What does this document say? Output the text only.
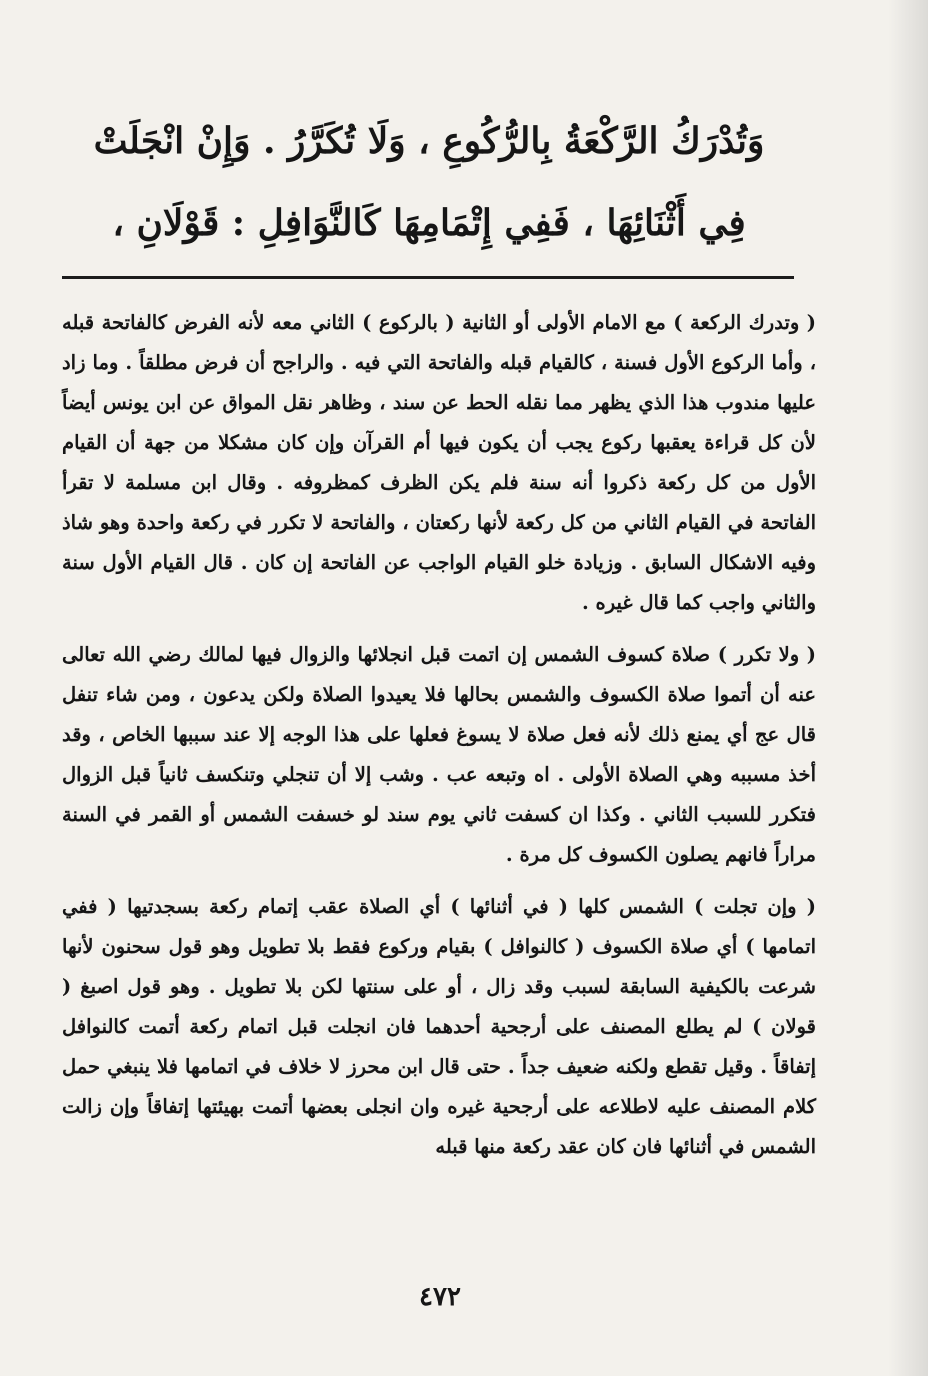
وَتُدْرَكُ الرَّكْعَةُ بِالرُّكُوعِ ، وَلَا تُكَرَّرُ . وَإِنْ انْجَلَتْ
فِي أَثْنَائِهَا ، فَفِي إِتْمَامِهَا كَالنَّوَافِلِ : قَوْلَانِ ،

( وتدرك الركعة ) مع الامام الأولى أو الثانية ( بالركوع ) الثاني معه لأنه الفرض كالفاتحة قبله ، وأما الركوع الأول فسنة ، كالقيام قبله والفاتحة التي فيه . والراجح أن فرض مطلقاً . وما زاد عليها مندوب هذا الذي يظهر مما نقله الحط عن سند ، وظاهر نقل المواق عن ابن يونس أيضاً لأن كل قراءة يعقبها ركوع يجب أن يكون فيها أم القرآن وإن كان مشكلا من جهة أن القيام الأول من كل ركعة ذكروا أنه سنة فلم يكن الظرف كمظروفه . وقال ابن مسلمة لا تقرأ الفاتحة في القيام الثاني من كل ركعة لأنها ركعتان ، والفاتحة لا تكرر في ركعة واحدة وهو شاذ وفيه الاشكال السابق . وزيادة خلو القيام الواجب عن الفاتحة إن كان . قال القيام الأول سنة والثاني واجب كما قال غيره .

( ولا تكرر ) صلاة كسوف الشمس إن اتمت قبل انجلائها والزوال فيها لمالك رضي الله تعالى عنه أن أتموا صلاة الكسوف والشمس بحالها فلا يعيدوا الصلاة ولكن يدعون ، ومن شاء تنفل قال عج أي يمنع ذلك لأنه فعل صلاة لا يسوغ فعلها على هذا الوجه إلا عند سببها الخاص ، وقد أخذ مسببه وهي الصلاة الأولى . اه وتبعه عب . وشب إلا أن تنجلي وتنكسف ثانياً قبل الزوال فتكرر للسبب الثاني . وكذا ان كسفت ثاني يوم سند لو خسفت الشمس أو القمر في السنة مراراً فانهم يصلون الكسوف كل مرة .

( وإن تجلت ) الشمس كلها ( في أثنائها ) أي الصلاة عقب إتمام ركعة بسجدتيها ( ففي اتمامها ) أي صلاة الكسوف ( كالنوافل ) بقيام وركوع فقط بلا تطويل وهو قول سحنون لأنها شرعت بالكيفية السابقة لسبب وقد زال ، أو على سنتها لكن بلا تطويل . وهو قول اصبغ ( قولان ) لم يطلع المصنف على أرجحية أحدهما فان انجلت قبل اتمام ركعة أتمت كالنوافل إتفاقاً . وقيل تقطع ولكنه ضعيف جداً . حتى قال ابن محرز لا خلاف في اتمامها فلا ينبغي حمل كلام المصنف عليه لاطلاعه على أرجحية غيره وان انجلى بعضها أتمت بهيئتها إتفاقاً وإن زالت الشمس في أثنائها فان كان عقد ركعة منها قبله

٤٧٢
